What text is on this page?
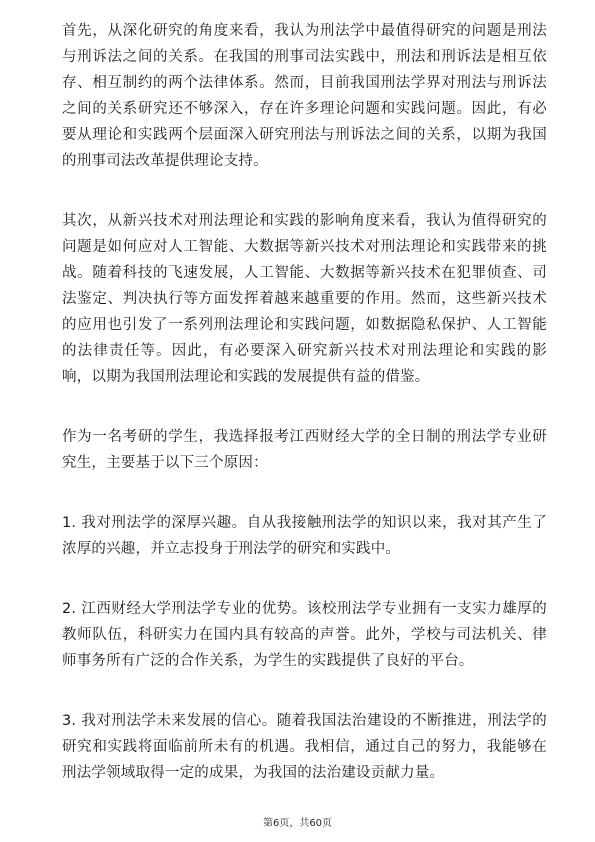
首先，从深化研究的角度来看，我认为刑法学中最值得研究的问题是刑法与刑诉法之间的关系。在我国的刑事司法实践中，刑法和刑诉法是相互依存、相互制约的两个法律体系。然而，目前我国刑法学界对刑法与刑诉法之间的关系研究还不够深入，存在许多理论问题和实践问题。因此，有必要从理论和实践两个层面深入研究刑法与刑诉法之间的关系，以期为我国的刑事司法改革提供理论支持。

其次，从新兴技术对刑法理论和实践的影响角度来看，我认为值得研究的问题是如何应对人工智能、大数据等新兴技术对刑法理论和实践带来的挑战。随着科技的飞速发展，人工智能、大数据等新兴技术在犯罪侦查、司法鉴定、判决执行等方面发挥着越来越重要的作用。然而，这些新兴技术的应用也引发了一系列刑法理论和实践问题，如数据隐私保护、人工智能的法律责任等。因此，有必要深入研究新兴技术对刑法理论和实践的影响，以期为我国刑法理论和实践的发展提供有益的借鉴。

作为一名考研的学生，我选择报考江西财经大学的全日制的刑法学专业研究生，主要基于以下三个原因：

1. 我对刑法学的深厚兴趣。自从我接触刑法学的知识以来，我对其产生了浓厚的兴趣，并立志投身于刑法学的研究和实践中。

2. 江西财经大学刑法学专业的优势。该校刑法学专业拥有一支实力雄厚的教师队伍，科研实力在国内具有较高的声誉。此外，学校与司法机关、律师事务所有广泛的合作关系，为学生的实践提供了良好的平台。

3. 我对刑法学未来发展的信心。随着我国法治建设的不断推进，刑法学的研究和实践将面临前所未有的机遇。我相信，通过自己的努力，我能够在刑法学领域取得一定的成果，为我国的法治建设贡献力量。

第6页，共60页
